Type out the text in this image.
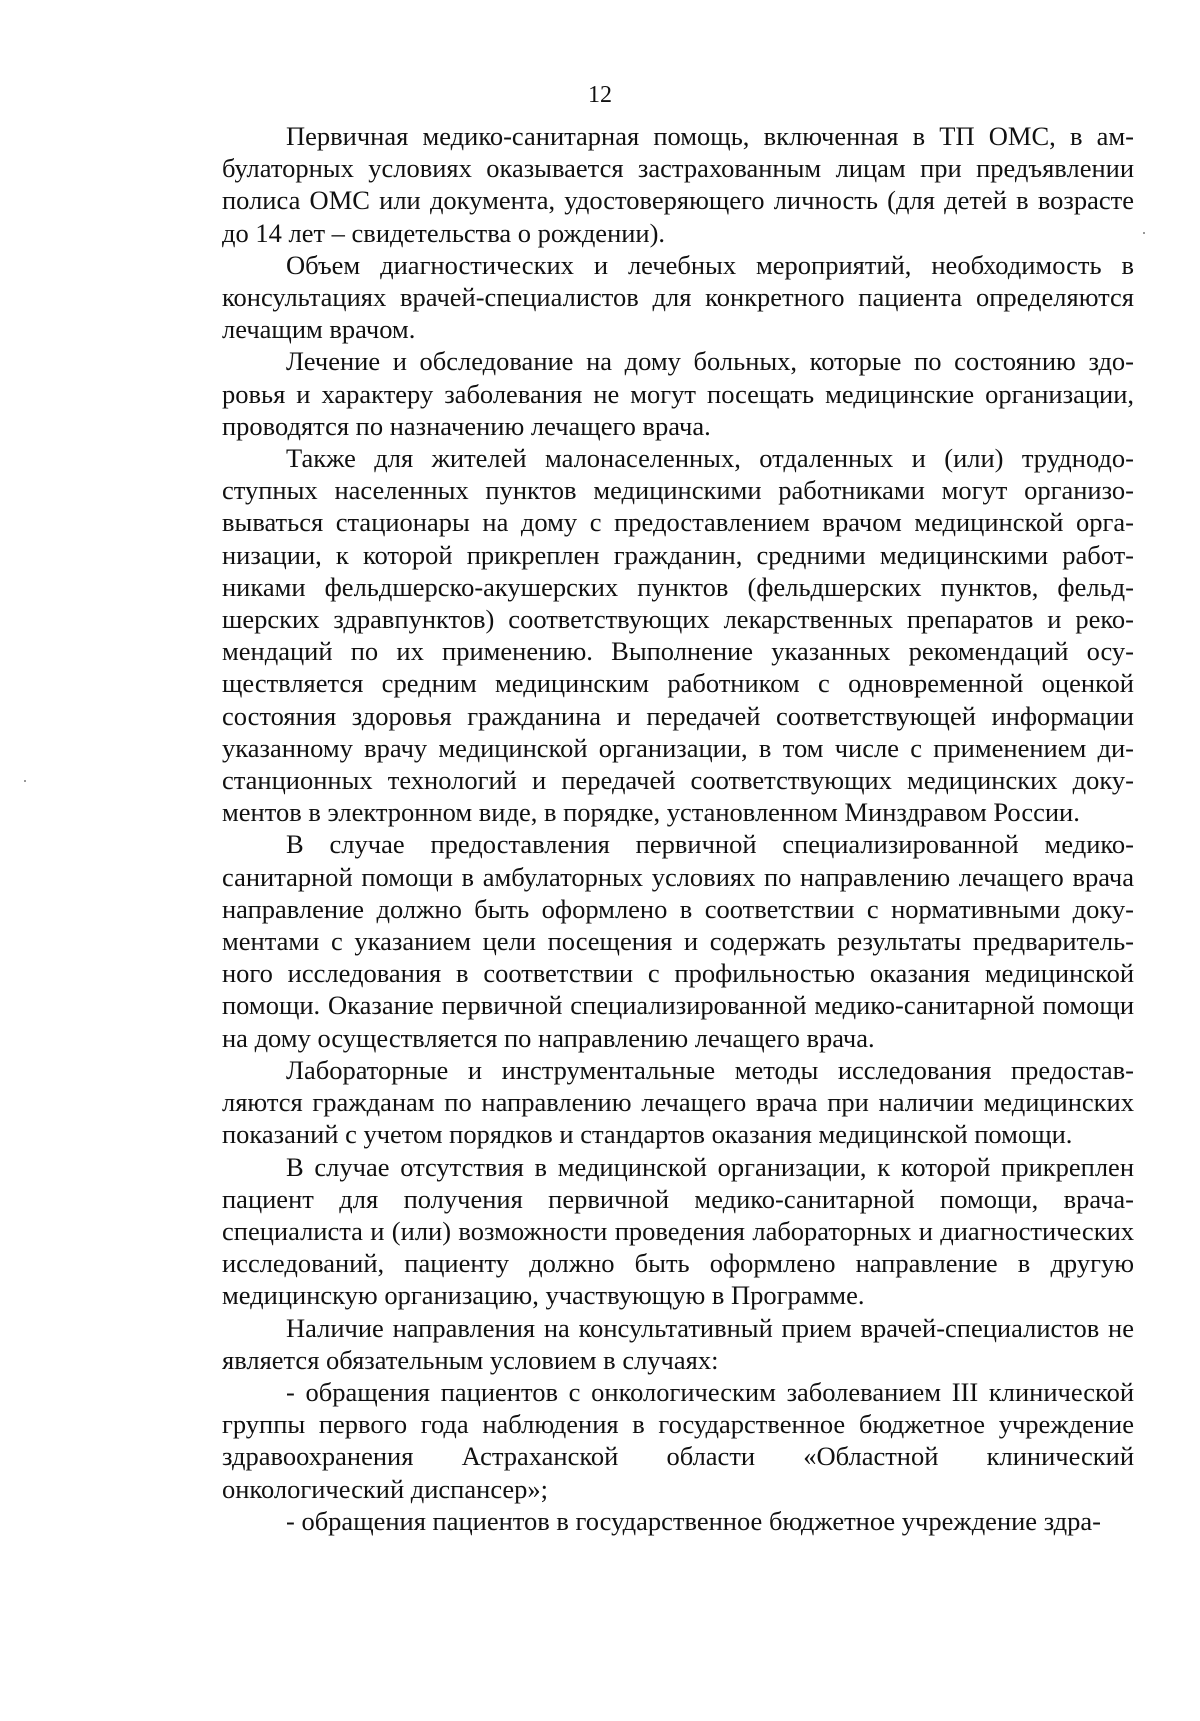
12

Первичная медико-санитарная помощь, включенная в ТП ОМС, в амбулаторных условиях оказывается застрахованным лицам при предъявлении полиса ОМС или документа, удостоверяющего личность (для детей в возрасте до 14 лет – свидетельства о рождении).

Объем диагностических и лечебных мероприятий, необходимость в консультациях врачей-специалистов для конкретного пациента определяются лечащим врачом.

Лечение и обследование на дому больных, которые по состоянию здоровья и характеру заболевания не могут посещать медицинские организации, проводятся по назначению лечащего врача.

Также для жителей малонаселенных, отдаленных и (или) труднодоступных населенных пунктов медицинскими работниками могут организовываться стационары на дому с предоставлением врачом медицинской организации, к которой прикреплен гражданин, средними медицинскими работниками фельдшерско-акушерских пунктов (фельдшерских пунктов, фельдшерских здравпунктов) соответствующих лекарственных препаратов и рекомендаций по их применению. Выполнение указанных рекомендаций осуществляется средним медицинским работником с одновременной оценкой состояния здоровья гражданина и передачей соответствующей информации указанному врачу медицинской организации, в том числе с применением дистанционных технологий и передачей соответствующих медицинских документов в электронном виде, в порядке, установленном Минздравом России.

В случае предоставления первичной специализированной медико-санитарной помощи в амбулаторных условиях по направлению лечащего врача направление должно быть оформлено в соответствии с нормативными документами с указанием цели посещения и содержать результаты предварительного исследования в соответствии с профильностью оказания медицинской помощи. Оказание первичной специализированной медико-санитарной помощи на дому осуществляется по направлению лечащего врача.

Лабораторные и инструментальные методы исследования предоставляются гражданам по направлению лечащего врача при наличии медицинских показаний с учетом порядков и стандартов оказания медицинской помощи.

В случае отсутствия в медицинской организации, к которой прикреплен пациент для получения первичной медико-санитарной помощи, врача-специалиста и (или) возможности проведения лабораторных и диагностических исследований, пациенту должно быть оформлено направление в другую медицинскую организацию, участвующую в Программе.

Наличие направления на консультативный прием врачей-специалистов не является обязательным условием в случаях:

- обращения пациентов с онкологическим заболеванием III клинической группы первого года наблюдения в государственное бюджетное учреждение здравоохранения Астраханской области «Областной клинический онкологический диспансер»;

- обращения пациентов в государственное бюджетное учреждение здра-
